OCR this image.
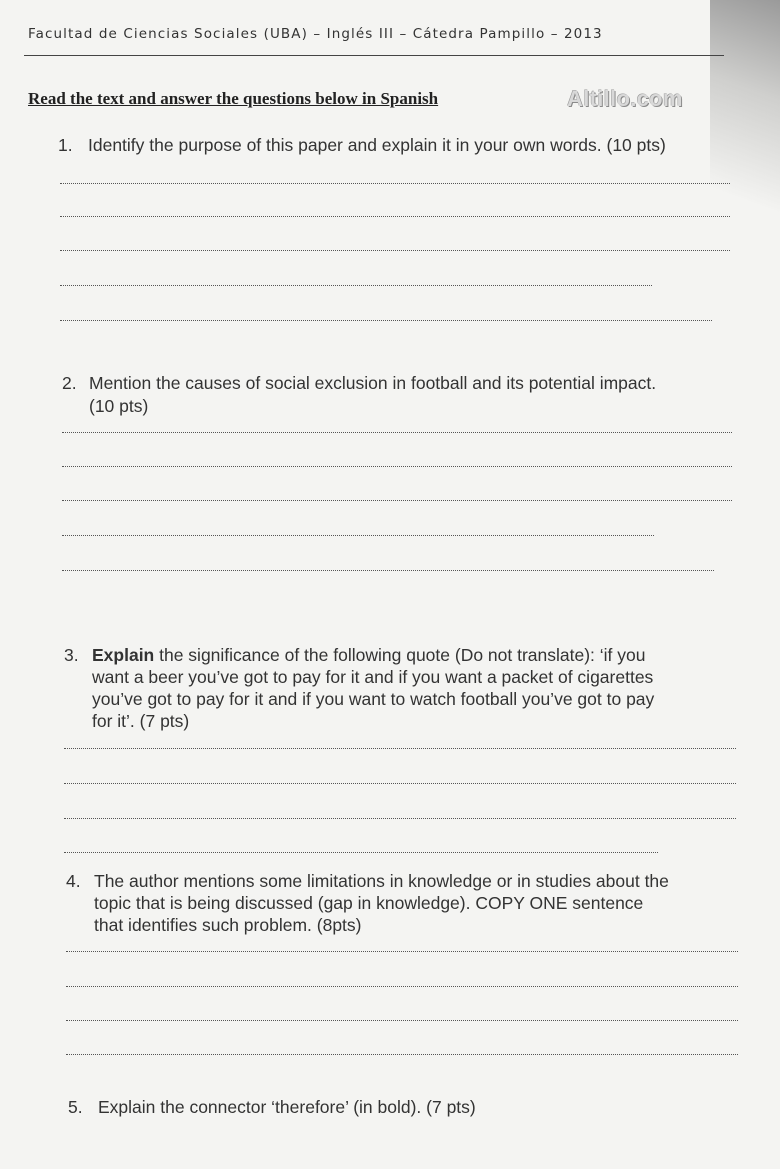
Facultad de Ciencias Sociales (UBA) – Inglés III – Cátedra Pampillo – 2013
Read the text and answer the questions below in Spanish	Altillo.com
1. Identify the purpose of this paper and explain it in your own words. (10 pts)
2. Mention the causes of social exclusion in football and its potential impact.
(10 pts)
3. Explain the significance of the following quote (Do not translate): ‘if you
want a beer you’ve got to pay for it and if you want a packet of cigarettes
you’ve got to pay for it and if you want to watch football you’ve got to pay
for it’. (7 pts)
4. The author mentions some limitations in knowledge or in studies about the
topic that is being discussed (gap in knowledge). COPY ONE sentence
that identifies such problem. (8pts)
5. Explain the connector ‘therefore’ (in bold). (7 pts)
